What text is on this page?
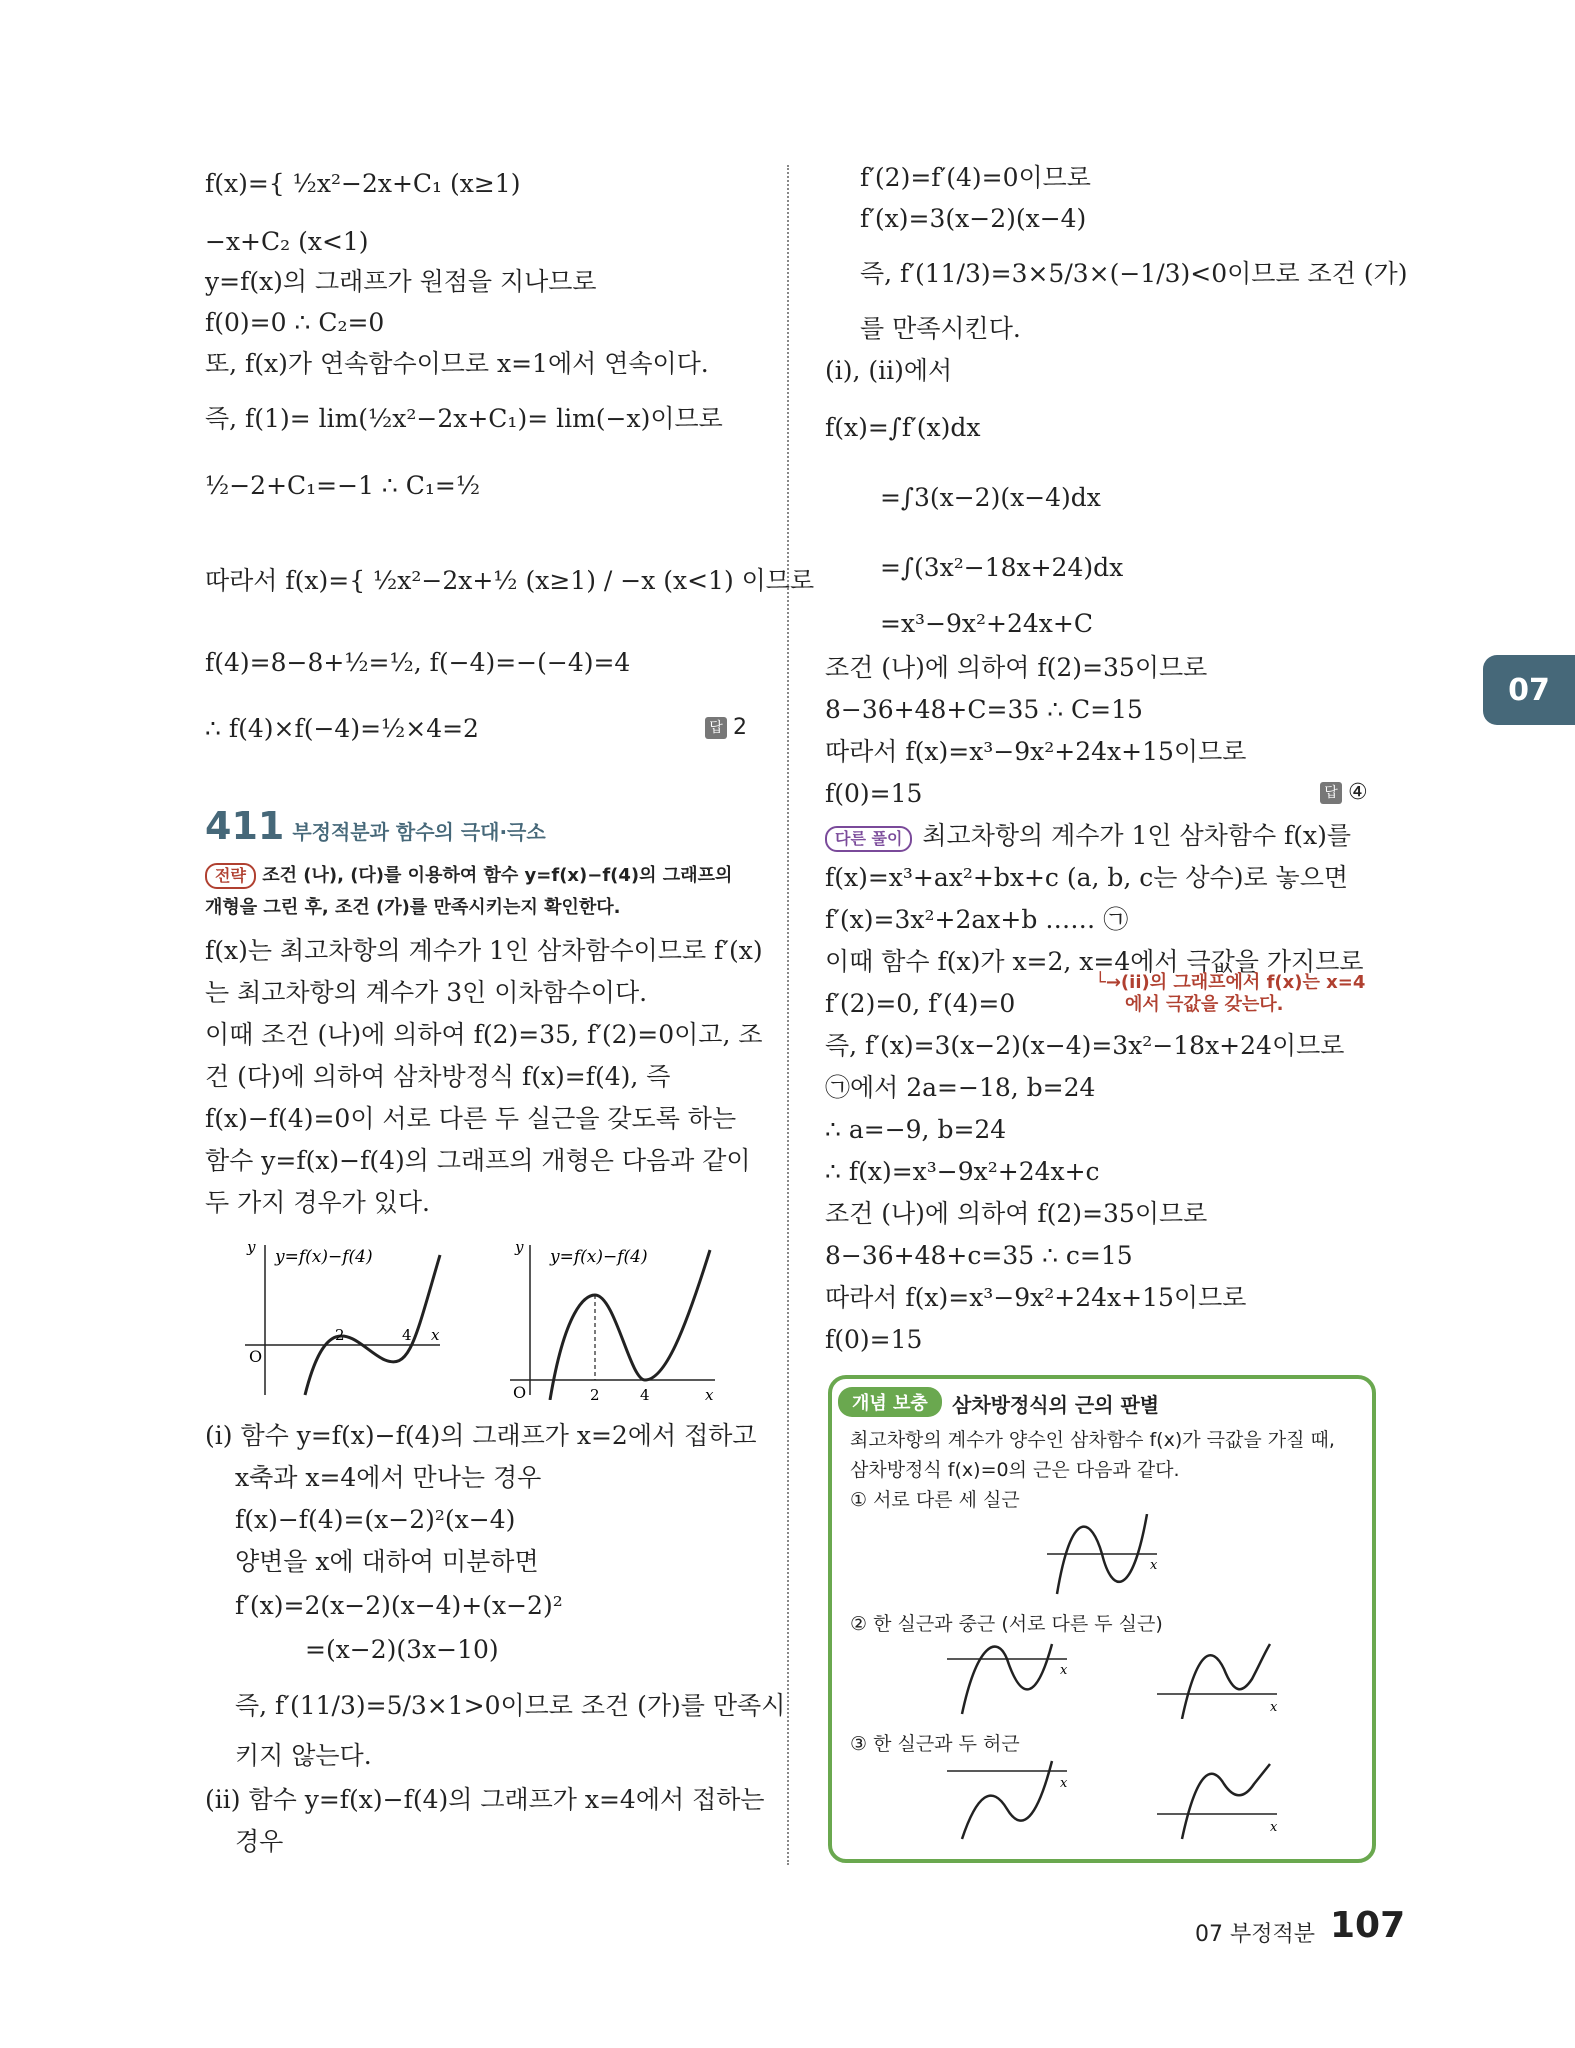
07
f(x)={ ½x²−2x+C₁ (x≥1)
−x+C₂ (x<1)
y=f(x)의 그래프가 원점을 지나므로
f(0)=0 ∴ C₂=0
또, f(x)가 연속함수이므로 x=1에서 연속이다.
즉, f(1)= lim(½x²−2x+C₁)= lim(−x)이므로
½−2+C₁=−1 ∴ C₁=½
따라서 f(x)={ ½x²−2x+½ (x≥1) / −x (x<1) 이므로
f(4)=8−8+½=½, f(−4)=−(−4)=4
∴ f(4)×f(−4)=½×4=2	답 2
411 부정적분과 함수의 극대·극소
전략 조건 (나), (다)를 이용하여 함수 y=f(x)−f(4)의 그래프의
개형을 그린 후, 조건 (가)를 만족시키는지 확인한다.
f(x)는 최고차항의 계수가 1인 삼차함수이므로 f′(x)
는 최고차항의 계수가 3인 이차함수이다.
이때 조건 (나)에 의하여 f(2)=35, f′(2)=0이고, 조
건 (다)에 의하여 삼차방정식 f(x)=f(4), 즉
f(x)−f(4)=0이 서로 다른 두 실근을 갖도록 하는
함수 y=f(x)−f(4)의 그래프의 개형은 다음과 같이
두 가지 경우가 있다.
y y=f(x)−f(4)
O
2	4 x
y y=f(x)−f(4)
O	2	4	x
(i) 함수 y=f(x)−f(4)의 그래프가 x=2에서 접하고
x축과 x=4에서 만나는 경우
f(x)−f(4)=(x−2)²(x−4)
양변을 x에 대하여 미분하면
f′(x)=2(x−2)(x−4)+(x−2)²
=(x−2)(3x−10)
즉, f′(11/3)=5/3×1>0이므로 조건 (가)를 만족시
키지 않는다.
(ii) 함수 y=f(x)−f(4)의 그래프가 x=4에서 접하는
경우
f′(2)=f′(4)=0이므로
f′(x)=3(x−2)(x−4)
즉, f′(11/3)=3×5/3×(−1/3)<0이므로 조건 (가)
를 만족시킨다.
(i), (ii)에서
f(x)=∫f′(x)dx
=∫3(x−2)(x−4)dx
=∫(3x²−18x+24)dx
=x³−9x²+24x+C
조건 (나)에 의하여 f(2)=35이므로
8−36+48+C=35 ∴ C=15
따라서 f(x)=x³−9x²+24x+15이므로
f(0)=15	답 ④
다른 풀이 최고차항의 계수가 1인 삼차함수 f(x)를
f(x)=x³+ax²+bx+c (a, b, c는 상수)로 놓으면
f′(x)=3x²+2ax+b …… ㉠
이때 함수 f(x)가 x=2, x=4에서 극값을 가지므로
f′(2)=0, f′(4)=0
└→(ii)의 그래프에서 f(x)는 x=4
에서 극값을 갖는다.
즉, f′(x)=3(x−2)(x−4)=3x²−18x+24이므로
㉠에서 2a=−18, b=24
∴ a=−9, b=24
∴ f(x)=x³−9x²+24x+c
조건 (나)에 의하여 f(2)=35이므로
8−36+48+c=35 ∴ c=15
따라서 f(x)=x³−9x²+24x+15이므로
f(0)=15
개념 보충	삼차방정식의 근의 판별
최고차항의 계수가 양수인 삼차함수 f(x)가 극값을 가질 때,
삼차방정식 f(x)=0의 근은 다음과 같다.
① 서로 다른 세 실근
x
② 한 실근과 중근 (서로 다른 두 실근)
x
x
③ 한 실근과 두 허근
x
x
07 부정적분 107
